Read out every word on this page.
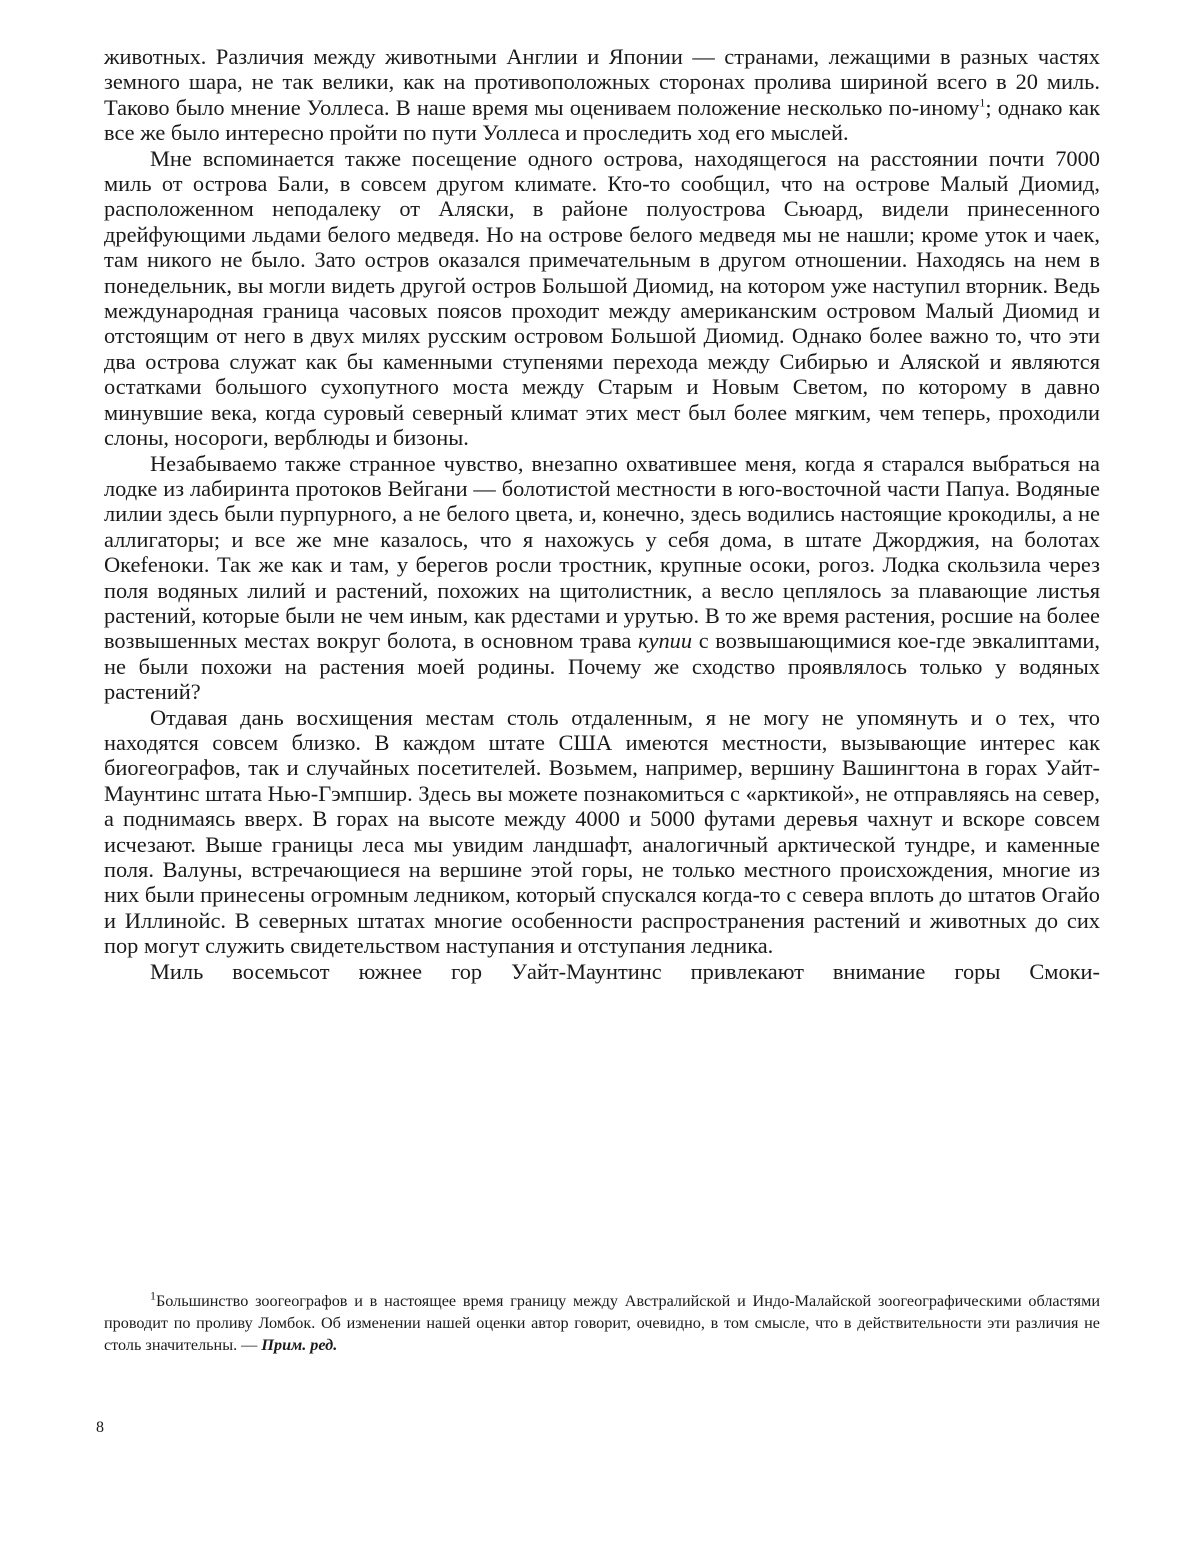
животных. Различия между животными Англии и Японии — странами, лежащими в разных частях земного шара, не так велики, как на противоположных сторонах пролива шириной всего в 20 миль. Таково было мнение Уоллеса. В наше время мы оцениваем положение несколько по-иному$^1$; однако как все же было интересно пройти по пути Уоллеса и проследить ход его мыслей.

Мне вспоминается также посещение одного острова, находящегося на расстоянии почти 7000 миль от острова Бали, в совсем другом климате. Кто-то сообщил, что на острове Малый Диомид, расположенном неподалеку от Аляски, в районе полуострова Сьюард, видели принесенного дрейфующими льдами белого медведя. Но на острове белого медведя мы не нашли; кроме уток и чаек, там никого не было. Зато остров оказался примечательным в другом отношении. Находясь на нем в понедельник, вы могли видеть другой остров Большой Диомид, на котором уже наступил вторник. Ведь международная граница часовых поясов проходит между американским островом Малый Диомид и отстоящим от него в двух милях русским островом Большой Диомид. Однако более важно то, что эти два острова служат как бы каменными ступенями перехода между Сибирью и Аляской и являются остатками большого сухопутного моста между Старым и Новым Светом, по которому в давно минувшие века, когда суровый северный климат этих мест был более мягким, чем теперь, проходили слоны, носороги, верблюды и бизоны.

Незабываемо также странное чувство, внезапно охватившее меня, когда я старался выбраться на лодке из лабиринта протоков Вейгани — болотистой местности в юго-восточной части Папуа. Водяные лилии здесь были пурпурного, а не белого цвета, и, конечно, здесь водились настоящие крокодилы, а не аллигаторы; и все же мне казалось, что я нахожусь у себя дома, в штате Джорджия, на болотах Океfеноки. Так же как и там, у берегов росли тростник, крупные осоки, рогоз. Лодка скользила через поля водяных лилий и растений, похожих на щитолистник, а весло цеплялось за плавающие листья растений, которые были не чем иным, как рдестами и урутью. В то же время растения, росшие на более возвышенных местах вокруг болота, в основном трава куnии с возвышающимися кое-где эвкалиптами, не были похожи на растения моей родины. Почему же сходство проявлялось только у водяных растений?

Отдавая дань восхищения местам столь отдаленным, я не могу не упомянуть и о тех, что находятся совсем близко. В каждом штате США имеются местности, вызывающие интерес как биогеографов, так и случайных посетителей. Возьмем, например, вершину Вашингтона в горах Уайт-Маунтинс штата Нью-Гэмпшир. Здесь вы можете познакомиться с «арктикой», не отправляясь на север, а поднимаясь вверх. В горах на высоте между 4000 и 5000 футами деревья чахнут и вскоре совсем исчезают. Выше границы леса мы увидим ландшафт, аналогичный арктической тундре, и каменные поля. Валуны, встречающиеся на вершине этой горы, не только местного происхождения, многие из них были принесены огромным ледником, который спускался когда-то с севера вплоть до штатов Огайо и Иллинойс. В северных штатах многие особенности распространения растений и животных до сих пор могут служить свидетельством наступания и отступания ледника.

Миль восемьсот южнее гор Уайт-Маунтинс привлекают внимание горы Смоки-

$^1$Большинство зоогеографов и в настоящее время границу между Австралийской и Индо-Малайской зоогеографическими областями проводит по проливу Ломбок. Об изменении нашей оценки автор говорит, очевидно, в том смысле, что в действительности эти различия не столь значительны. — Прим. ред.

8
